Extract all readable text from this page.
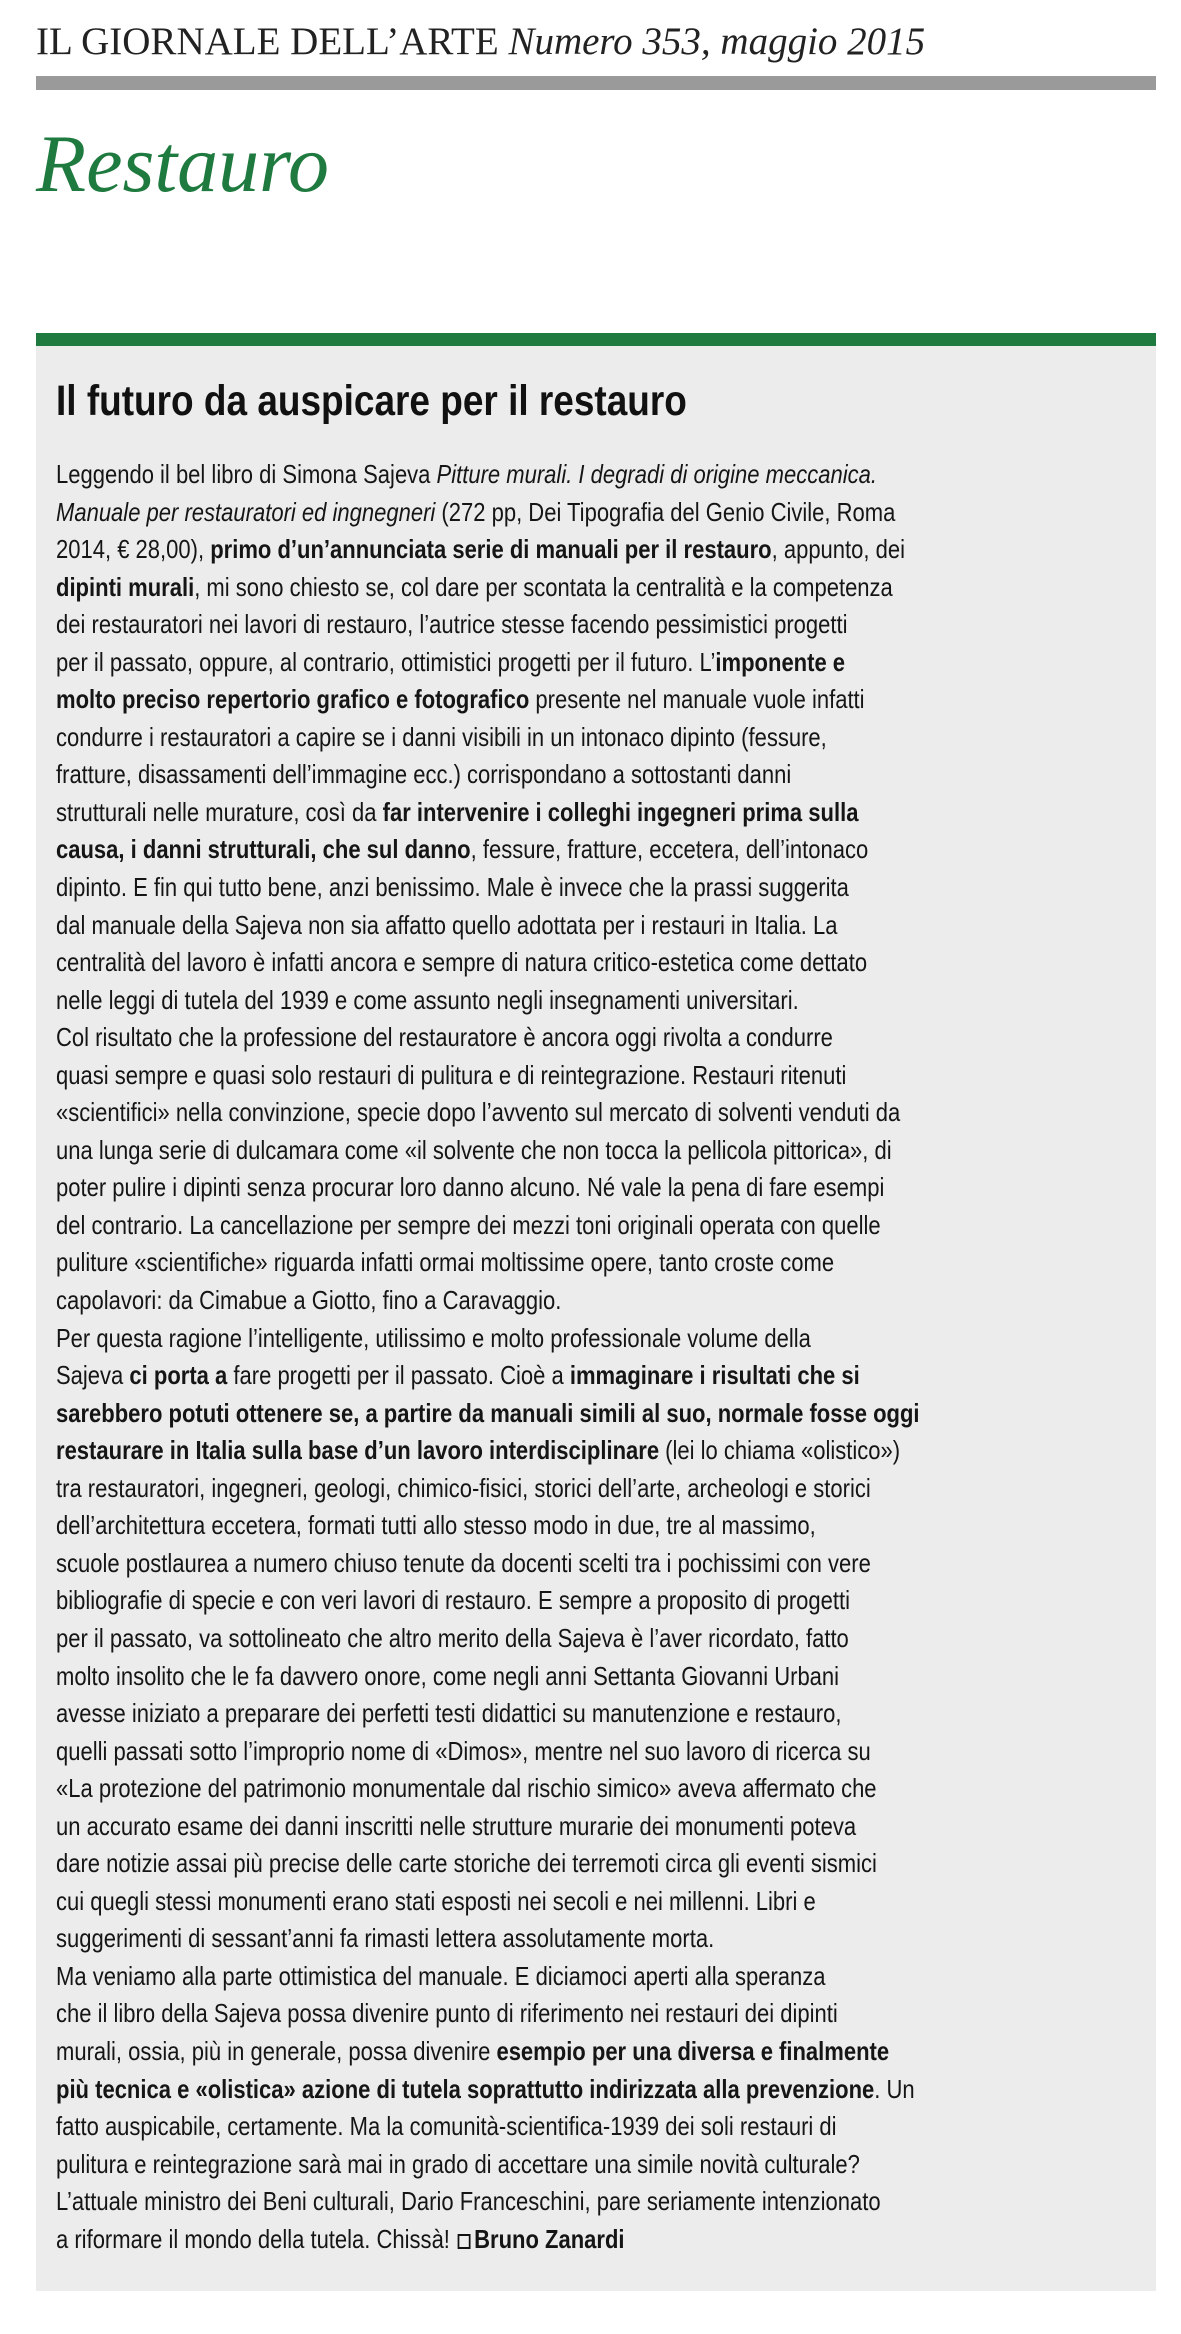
IL GIORNALE DELL’ARTE Numero 353, maggio 2015
Restauro
Il futuro da auspicare per il restauro
Leggendo il bel libro di Simona Sajeva Pitture murali. I degradi di origine meccanica.
Manuale per restauratori ed ingnegneri (272 pp, Dei Tipografia del Genio Civile, Roma
2014, € 28,00), primo d’un’annunciata serie di manuali per il restauro, appunto, dei
dipinti murali, mi sono chiesto se, col dare per scontata la centralità e la competenza
dei restauratori nei lavori di restauro, l’autrice stesse facendo pessimistici progetti
per il passato, oppure, al contrario, ottimistici progetti per il futuro. L’imponente e
molto preciso repertorio grafico e fotografico presente nel manuale vuole infatti
condurre i restauratori a capire se i danni visibili in un intonaco dipinto (fessure,
fratture, disassamenti dell’immagine ecc.) corrispondano a sottostanti danni
strutturali nelle murature, così da far intervenire i colleghi ingegneri prima sulla
causa, i danni strutturali, che sul danno, fessure, fratture, eccetera, dell’intonaco
dipinto. E fin qui tutto bene, anzi benissimo. Male è invece che la prassi suggerita
dal manuale della Sajeva non sia affatto quello adottata per i restauri in Italia. La
centralità del lavoro è infatti ancora e sempre di natura critico-estetica come dettato
nelle leggi di tutela del 1939 e come assunto negli insegnamenti universitari.
Col risultato che la professione del restauratore è ancora oggi rivolta a condurre
quasi sempre e quasi solo restauri di pulitura e di reintegrazione. Restauri ritenuti
«scientifici» nella convinzione, specie dopo l’avvento sul mercato di solventi venduti da
una lunga serie di dulcamara come «il solvente che non tocca la pellicola pittorica», di
poter pulire i dipinti senza procurar loro danno alcuno. Né vale la pena di fare esempi
del contrario. La cancellazione per sempre dei mezzi toni originali operata con quelle
puliture «scientifiche» riguarda infatti ormai moltissime opere, tanto croste come
capolavori: da Cimabue a Giotto, fino a Caravaggio.
Per questa ragione l’intelligente, utilissimo e molto professionale volume della
Sajeva ci porta a fare progetti per il passato. Cioè a immaginare i risultati che si
sarebbero potuti ottenere se, a partire da manuali simili al suo, normale fosse oggi
restaurare in Italia sulla base d’un lavoro interdisciplinare (lei lo chiama «olistico»)
tra restauratori, ingegneri, geologi, chimico-fisici, storici dell’arte, archeologi e storici
dell’architettura eccetera, formati tutti allo stesso modo in due, tre al massimo,
scuole postlaurea a numero chiuso tenute da docenti scelti tra i pochissimi con vere
bibliografie di specie e con veri lavori di restauro. E sempre a proposito di progetti
per il passato, va sottolineato che altro merito della Sajeva è l’aver ricordato, fatto
molto insolito che le fa davvero onore, come negli anni Settanta Giovanni Urbani
avesse iniziato a preparare dei perfetti testi didattici su manutenzione e restauro,
quelli passati sotto l’improprio nome di «Dimos», mentre nel suo lavoro di ricerca su
«La protezione del patrimonio monumentale dal rischio simico» aveva affermato che
un accurato esame dei danni inscritti nelle strutture murarie dei monumenti poteva
dare notizie assai più precise delle carte storiche dei terremoti circa gli eventi sismici
cui quegli stessi monumenti erano stati esposti nei secoli e nei millenni. Libri e
suggerimenti di sessant’anni fa rimasti lettera assolutamente morta.
Ma veniamo alla parte ottimistica del manuale. E diciamoci aperti alla speranza
che il libro della Sajeva possa divenire punto di riferimento nei restauri dei dipinti
murali, ossia, più in generale, possa divenire esempio per una diversa e finalmente
più tecnica e «olistica» azione di tutela soprattutto indirizzata alla prevenzione. Un
fatto auspicabile, certamente. Ma la comunità-scientifica-1939 dei soli restauri di
pulitura e reintegrazione sarà mai in grado di accettare una simile novità culturale?
L’attuale ministro dei Beni culturali, Dario Franceschini, pare seriamente intenzionato
a riformare il mondo della tutela. Chissà! Bruno Zanardi
